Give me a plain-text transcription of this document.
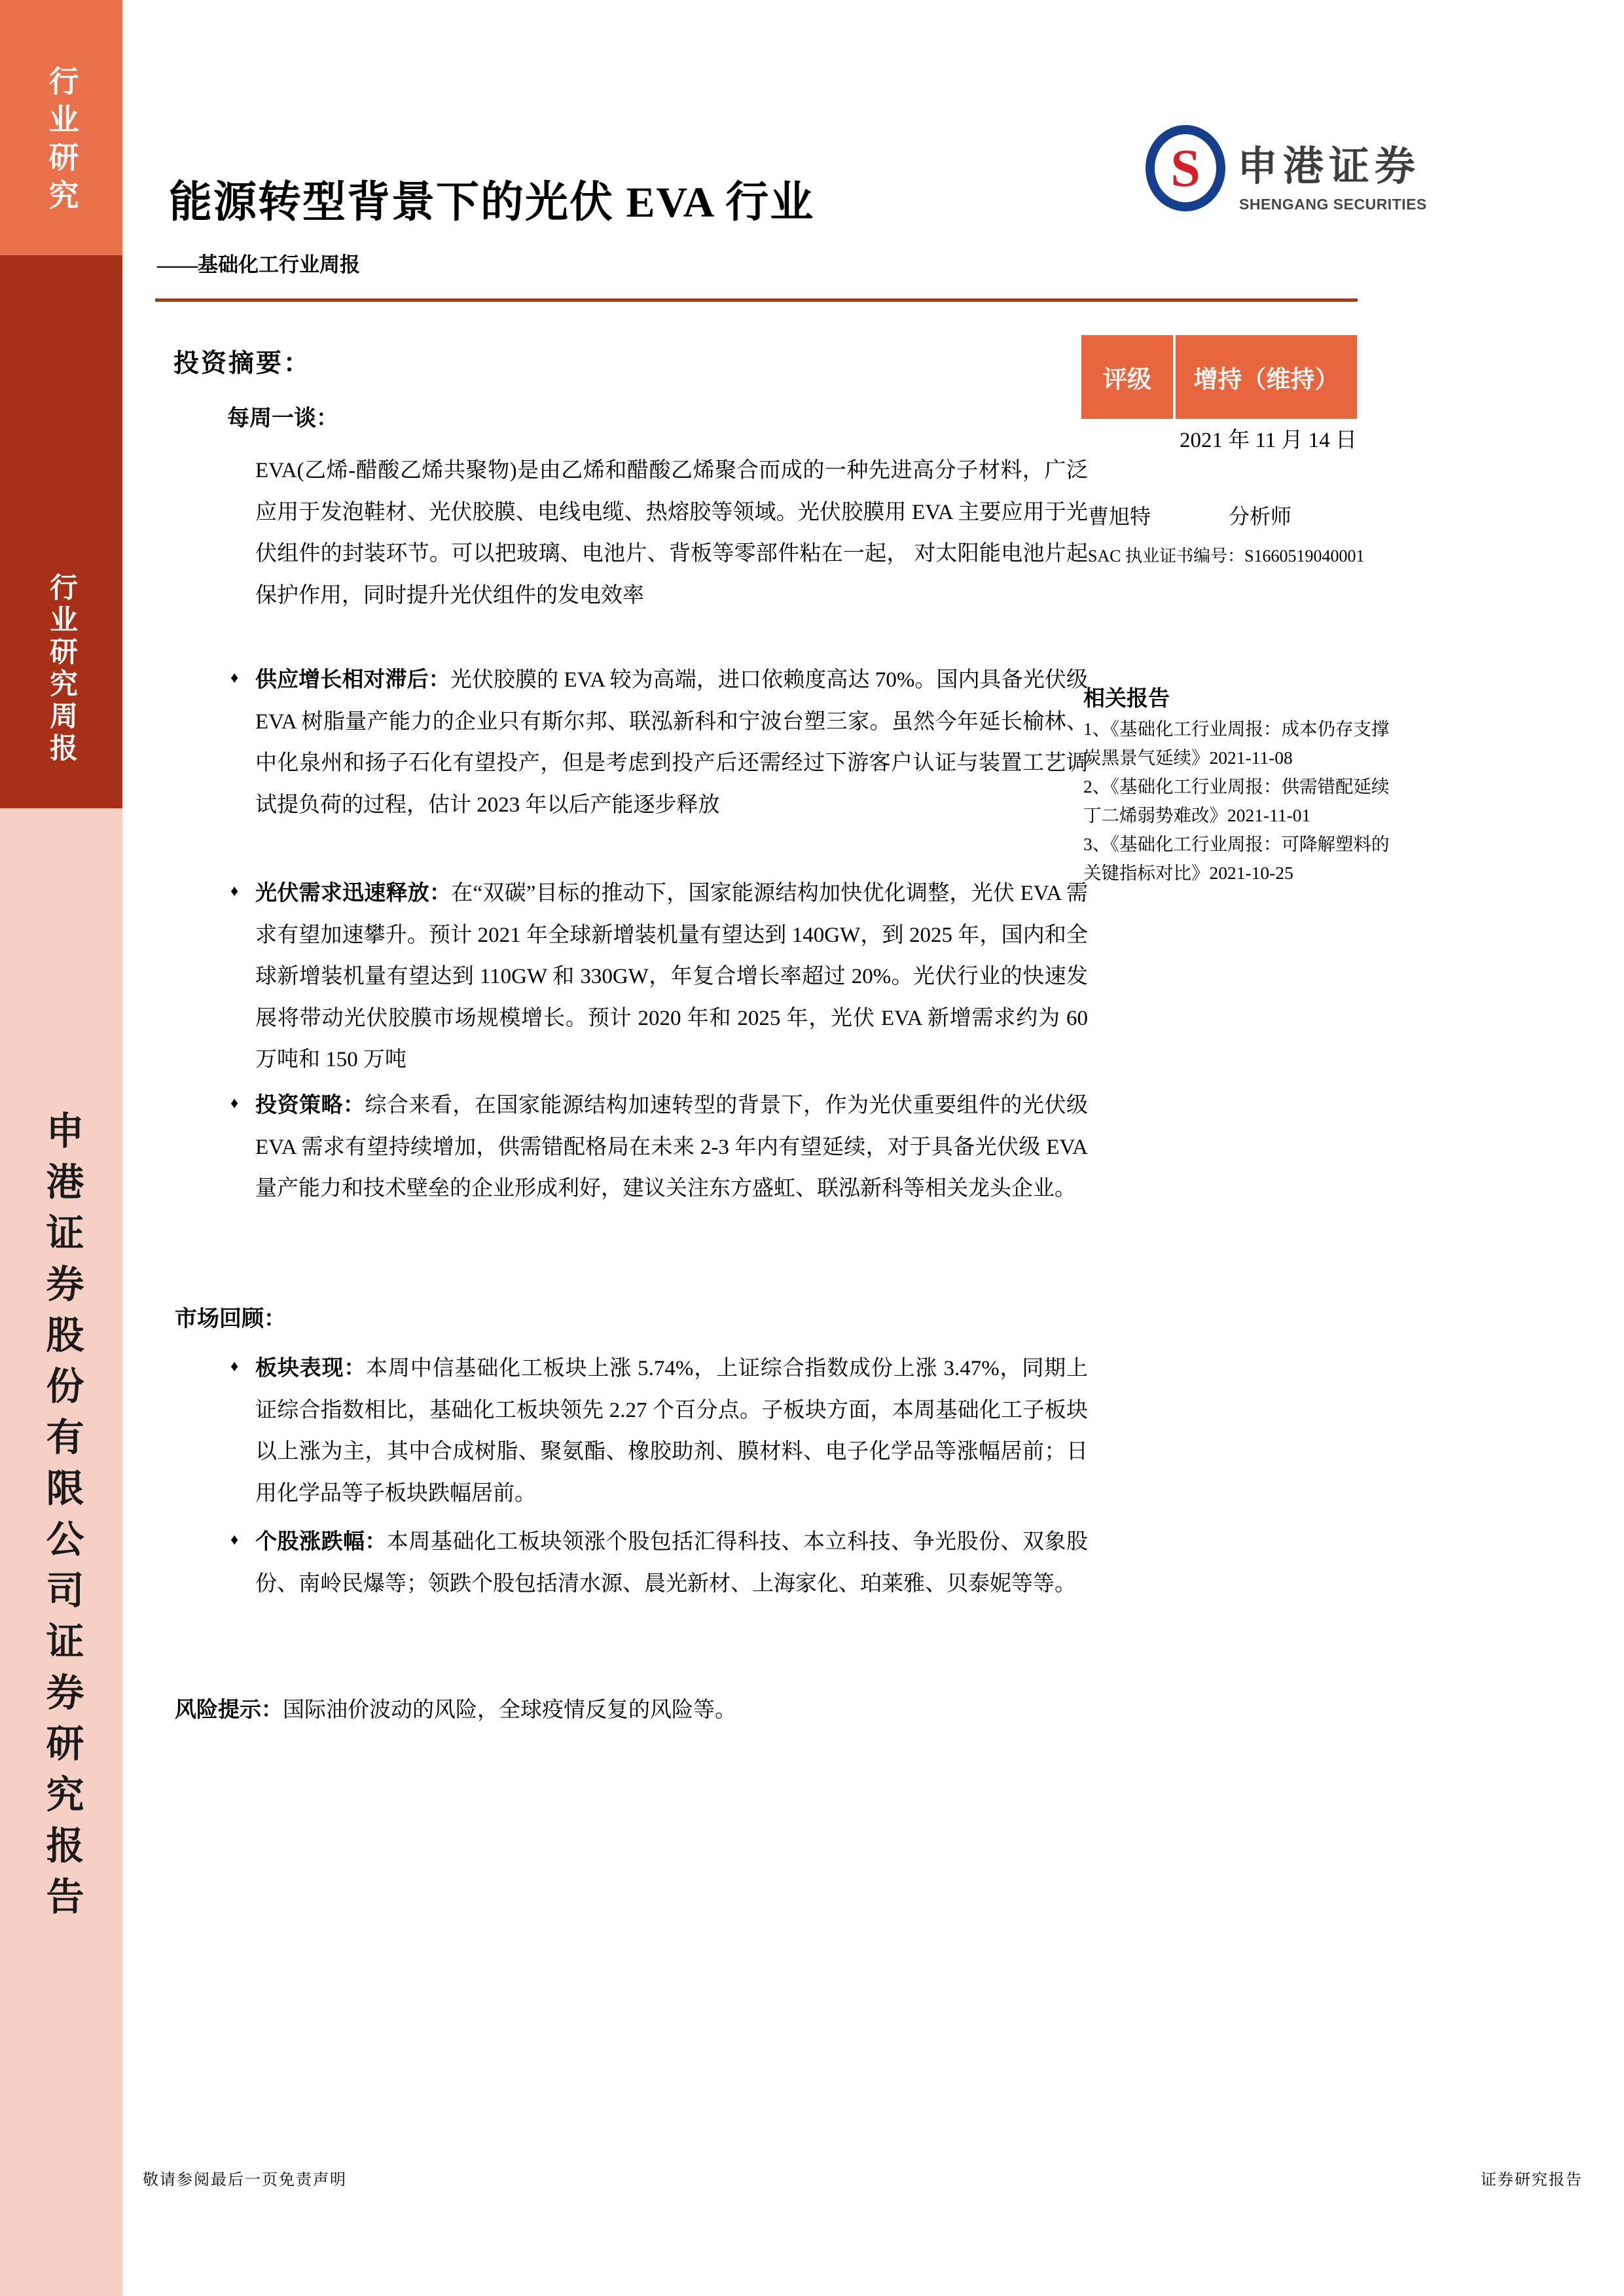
行业研究
行业研究周报
申港证券股份有限公司证券研究报告
能源转型背景下的光伏 EVA 行业
——基础化工行业周报
S 申港证券
SHENGANG SECURITIES
评级	增持（维持）
2021 年 11 月 14 日
曹旭特	分析师
SAC 执业证书编号：S1660519040001
相关报告
1、《基础化工行业周报：成本仍存支撑
炭黑景气延续》2021-11-08
2、《基础化工行业周报：供需错配延续
丁二烯弱势难改》2021-11-01
3、《基础化工行业周报：可降解塑料的
关键指标对比》2021-10-25
投资摘要：
每周一谈：
EVA(乙烯-醋酸乙烯共聚物)是由乙烯和醋酸乙烯聚合而成的一种先进高分子材料，广泛应用于发泡鞋材、光伏胶膜、电线电缆、热熔胶等领域。光伏胶膜用 EVA 主要应用于光伏组件的封装环节。可以把玻璃、电池片、背板等零部件粘在一起， 对太阳能电池片起保护作用，同时提升光伏组件的发电效率
♦ 供应增长相对滞后：光伏胶膜的 EVA 较为高端，进口依赖度高达 70%。国内具备光伏级 EVA 树脂量产能力的企业只有斯尔邦、联泓新科和宁波台塑三家。虽然今年延长榆林、中化泉州和扬子石化有望投产，但是考虑到投产后还需经过下游客户认证与装置工艺调试提负荷的过程，估计 2023 年以后产能逐步释放
♦ 光伏需求迅速释放：在“双碳”目标的推动下，国家能源结构加快优化调整，光伏 EVA 需求有望加速攀升。预计 2021 年全球新增装机量有望达到 140GW，到 2025 年，国内和全球新增装机量有望达到 110GW 和 330GW，年复合增长率超过 20%。光伏行业的快速发展将带动光伏胶膜市场规模增长。预计 2020 年和 2025 年，光伏 EVA 新增需求约为 60 万吨和 150 万吨
♦ 投资策略：综合来看，在国家能源结构加速转型的背景下，作为光伏重要组件的光伏级 EVA 需求有望持续增加，供需错配格局在未来 2-3 年内有望延续，对于具备光伏级 EVA 量产能力和技术壁垒的企业形成利好，建议关注东方盛虹、联泓新科等相关龙头企业。
市场回顾：
♦ 板块表现：本周中信基础化工板块上涨 5.74%，上证综合指数成份上涨 3.47%，同期上证综合指数相比，基础化工板块领先 2.27 个百分点。子板块方面，本周基础化工子板块以上涨为主，其中合成树脂、聚氨酯、橡胶助剂、膜材料、电子化学品等涨幅居前；日用化学品等子板块跌幅居前。
♦ 个股涨跌幅：本周基础化工板块领涨个股包括汇得科技、本立科技、争光股份、双象股份、南岭民爆等；领跌个股包括清水源、晨光新材、上海家化、珀莱雅、贝泰妮等等。
风险提示：国际油价波动的风险，全球疫情反复的风险等。
敬请参阅最后一页免责声明	证券研究报告
